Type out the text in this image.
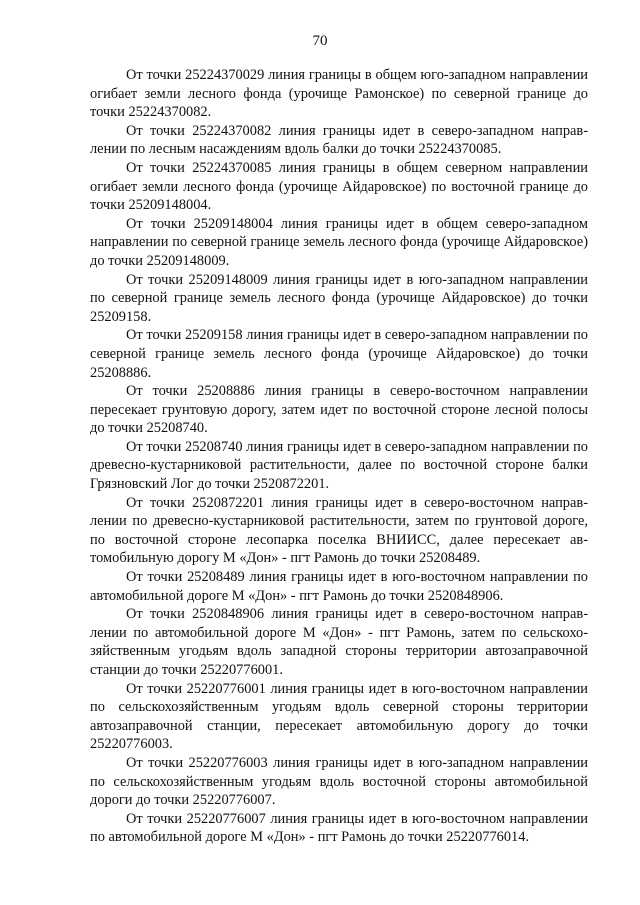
70

От точки 25224370029 линия границы в общем юго-западном направлении огибает земли лесного фонда (урочище Рамонское) по северной границе до точки 25224370082.

От точки 25224370082 линия границы идет в северо-западном направлении по лесным насаждениям вдоль балки до точки 25224370085.

От точки 25224370085 линия границы в общем северном направлении огибает земли лесного фонда (урочище Айдаровское) по восточной границе до точки 25209148004.

От точки 25209148004 линия границы идет в общем северо-западном направлении по северной границе земель лесного фонда (урочище Айдаровское) до точки 25209148009.

От точки 25209148009 линия границы идет в юго-западном направлении по северной границе земель лесного фонда (урочище Айдаровское) до точки 25209158.

От точки 25209158 линия границы идет в северо-западном направлении по северной границе земель лесного фонда (урочище Айдаровское) до точки 25208886.

От точки 25208886 линия границы в северо-восточном направлении пересекает грунтовую дорогу, затем идет по восточной стороне лесной полосы до точки 25208740.

От точки 25208740 линия границы идет в северо-западном направлении по древесно-кустарниковой растительности, далее по восточной стороне балки Грязновский Лог до точки 2520872201.

От точки 2520872201 линия границы идет в северо-восточном направлении по древесно-кустарниковой растительности, затем по грунтовой дороге, по восточной стороне лесопарка поселка ВНИИСС, далее пересекает автомобильную дорогу М «Дон» - пгт Рамонь до точки 25208489.

От точки 25208489 линия границы идет в юго-восточном направлении по автомобильной дороге М «Дон» - пгт Рамонь до точки 2520848906.

От точки 2520848906 линия границы идет в северо-восточном направлении по автомобильной дороге М «Дон» - пгт Рамонь, затем по сельскохозяйственным угодьям вдоль западной стороны территории автозаправочной станции до точки 25220776001.

От точки 25220776001 линия границы идет в юго-восточном направлении по сельскохозяйственным угодьям вдоль северной стороны территории автозаправочной станции, пересекает автомобильную дорогу до точки 25220776003.

От точки 25220776003 линия границы идет в юго-западном направлении по сельскохозяйственным угодьям вдоль восточной стороны автомобильной дороги до точки 25220776007.

От точки 25220776007 линия границы идет в юго-восточном направлении по автомобильной дороге М «Дон» - пгт Рамонь до точки 25220776014.
